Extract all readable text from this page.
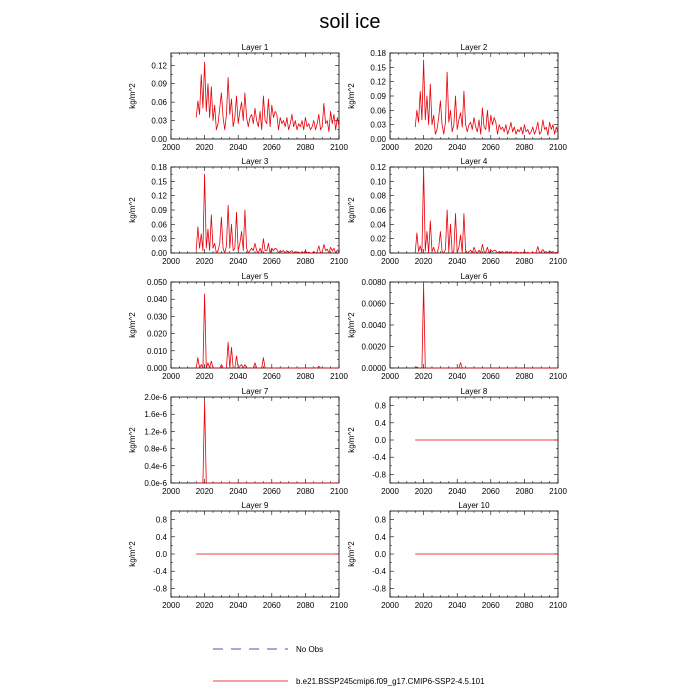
soil ice
Layer 1
2000 2020 2040 2060 2080 2100
0.00
0.03
0.06
0.09
0.12
kg/m^2
Layer 2
2000 2020 2040 2060 2080 2100
0.00
0.03
0.06
0.09
0.12
0.15
0.18
kg/m^2
Layer 3
2000 2020 2040 2060 2080 2100
0.00
0.03
0.06
0.09
0.12
0.15
0.18
kg/m^2
Layer 4
2000 2020 2040 2060 2080 2100
0.00
0.02
0.04
0.06
0.08
0.10
0.12
kg/m^2
Layer 5
2000 2020 2040 2060 2080 2100
0.000
0.010
0.020
0.030
0.040
0.050
kg/m^2
Layer 6
2000 2020 2040 2060 2080 2100
0.0000
0.0020
0.0040
0.0060
0.0080
kg/m^2
Layer 7
2000 2020 2040 2060 2080 2100
0.0e-6
0.4e-6
0.8e-6
1.2e-6
1.6e-6
2.0e-6
kg/m^2
Layer 8
2000 2020 2040 2060 2080 2100
-0.8
-0.4
0.0
0.4
0.8
kg/m^2
Layer 9
2000 2020 2040 2060 2080 2100
-0.8
-0.4
0.0
0.4
0.8
kg/m^2
Layer 10
2000 2020 2040 2060 2080 2100
-0.8
-0.4
0.0
0.4
0.8
kg/m^2
No Obs
b.e21.BSSP245cmip6.f09_g17.CMIP6-SSP2-4.5.101
